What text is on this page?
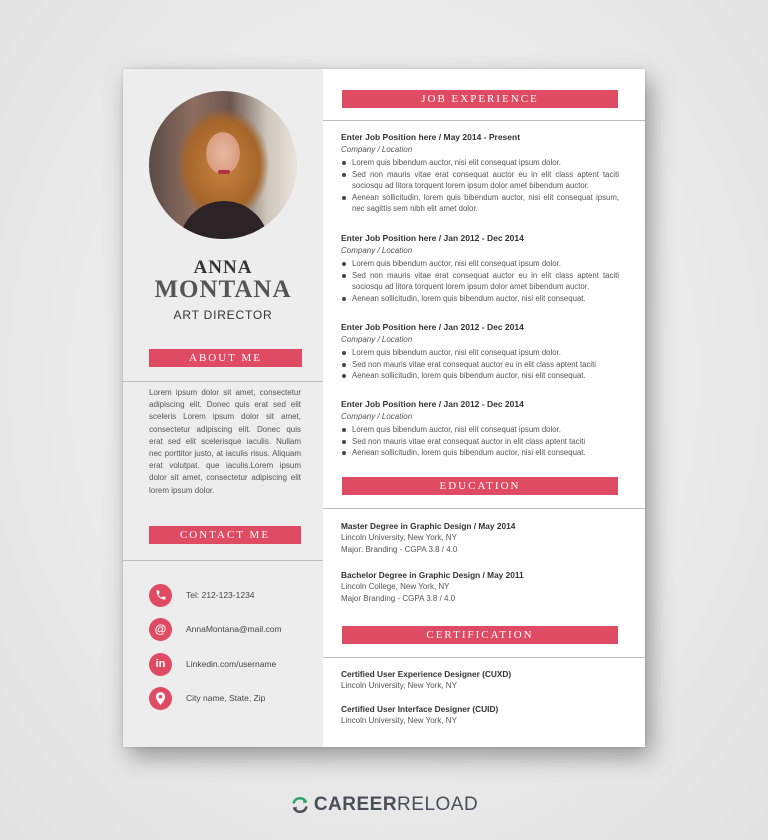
ANNA
MONTANA
ART DIRECTOR
ABOUT ME
Lorem ipsum dolor sit amet, consectetur adipiscing elit. Donec quis erat sed elit sceleris Lorem ipsum dolor sit amet, consectetur adipiscing elit. Donec quis erat sed elit scelerisque iaculis. Nullam nec porttitor justo, at iaculis risus. Aliquam erat volutpat. que iaculis.Lorem ipsum dolor sit amet, consectetur adipiscing elit lorem ipsum dolor.
CONTACT ME
Tel: 212-123-1234
@ AnnaMontana@mail.com
in Linkedin.com/username
City name, State, Zip
JOB EXPERIENCE
Enter Job Position here / May 2014 - Present
Company / Location
Lorem quis bibendum auctor, nisi elit consequat ipsum dolor.
Sed non mauris vitae erat consequat auctor eu in elit class aptent taciti sociosqu ad litora torquent lorem ipsum dolor amet bibendum auctor.
Aenean sollicitudin, lorem quis bibendum auctor, nisi elit consequat ipsum, nec sagittis sem nibh elit amet dolor.
Enter Job Position here / Jan 2012 - Dec 2014
Company / Location
Lorem quis bibendum auctor, nisi elit consequat ipsum dolor.
Sed non mauris vitae erat consequat auctor eu in elit class aptent taciti sociosqu ad litora torquent lorem ipsum dolor amet bibendum auctor.
Aenean sollicitudin, lorem quis bibendum auctor, nisi elit consequat.
Enter Job Position here / Jan 2012 - Dec 2014
Company / Location
Lorem quis bibendum auctor, nisi elit consequat ipsum dolor.
Sed non mauris vitae erat consequat auctor eu in elit class aptent taciti
Aenean sollicitudin, lorem quis bibendum auctor, nisi elit consequat.
Enter Job Position here / Jan 2012 - Dec 2014
Company / Location
Lorem quis bibendum auctor, nisi elit consequat ipsum dolor.
Sed non mauris vitae erat consequat auctor in elit class aptent taciti
Aenean sollicitudin, lorem quis bibendum auctor, nisi elit consequat.
EDUCATION
Master Degree in Graphic Design / May 2014
Lincoln University, New York, NY
Major: Branding - CGPA 3.8 / 4.0
Bachelor Degree in Graphic Design / May 2011
Lincoln College, New York, NY
Major Branding - CGPA 3.8 / 4.0
CERTIFICATION
Certified User Experience Designer (CUXD)
Lincoln University, New York, NY
Certified User Interface Designer (CUID)
Lincoln University, New York, NY
CAREER RELOAD
